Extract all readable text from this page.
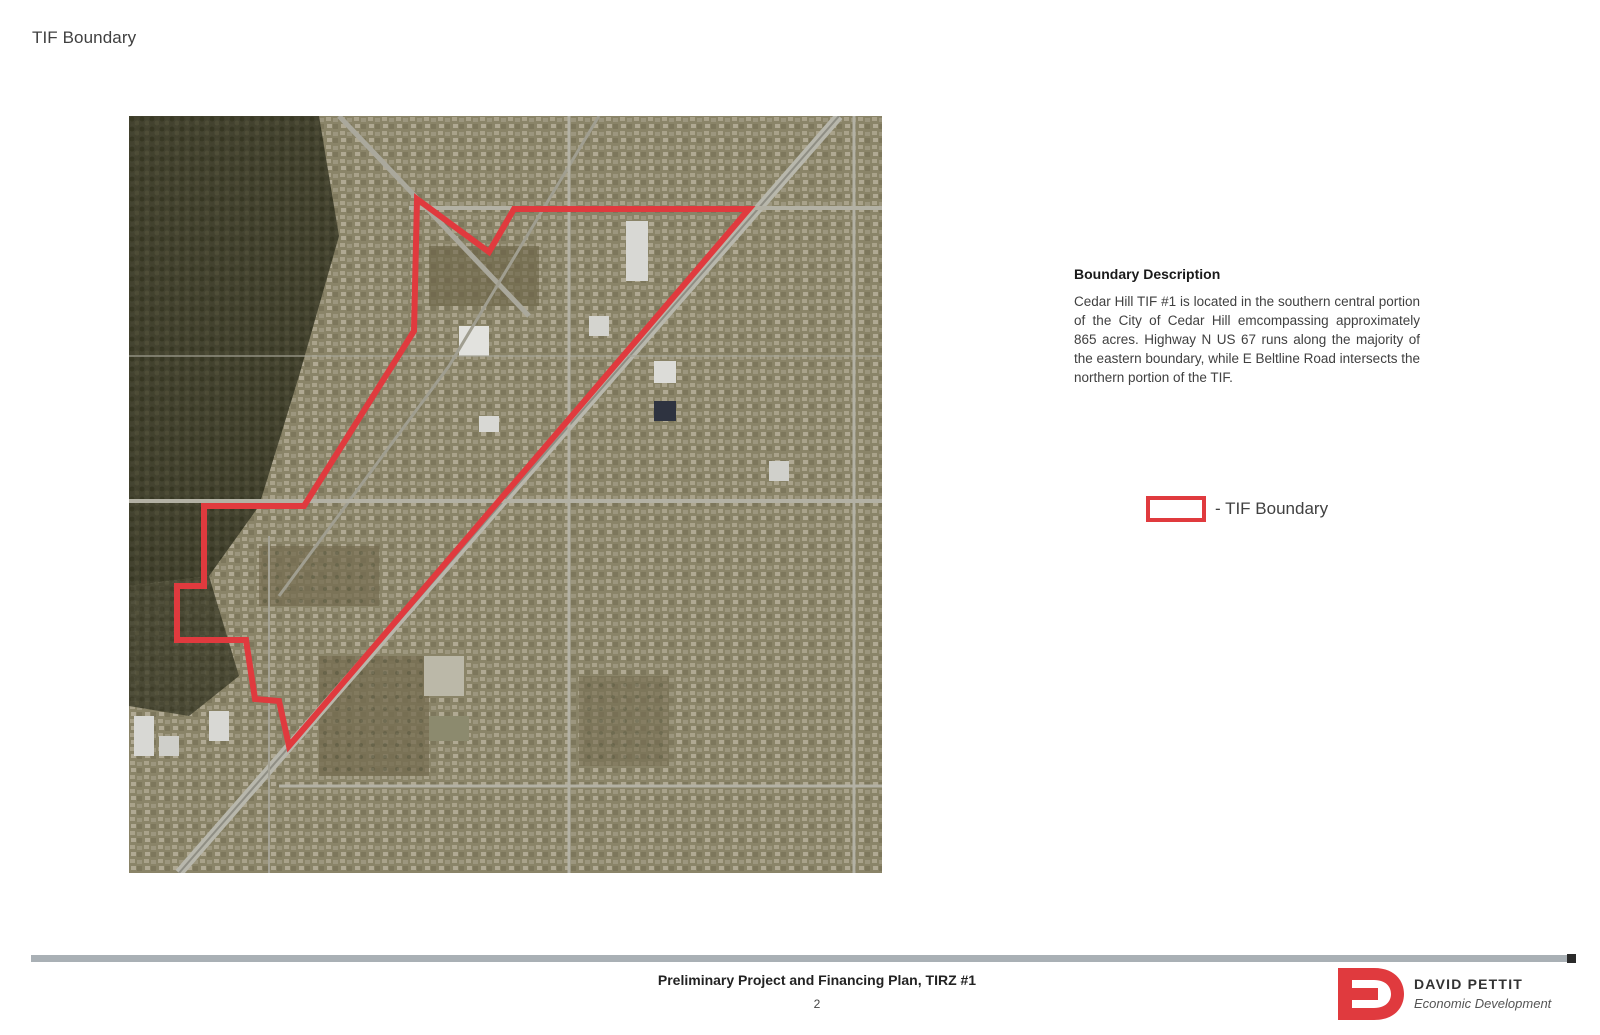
TIF Boundary
Boundary Description
Cedar Hill TIF #1 is located in the southern central portion of the City of Cedar Hill emcompassing approximately 865 acres. Highway N US 67 runs along the majority of the eastern boundary, while E Beltline Road intersects the northern portion of the TIF.
- TIF Boundary
Preliminary Project and Financing Plan, TIRZ #1
2
DAVID PETTIT
Economic Development
